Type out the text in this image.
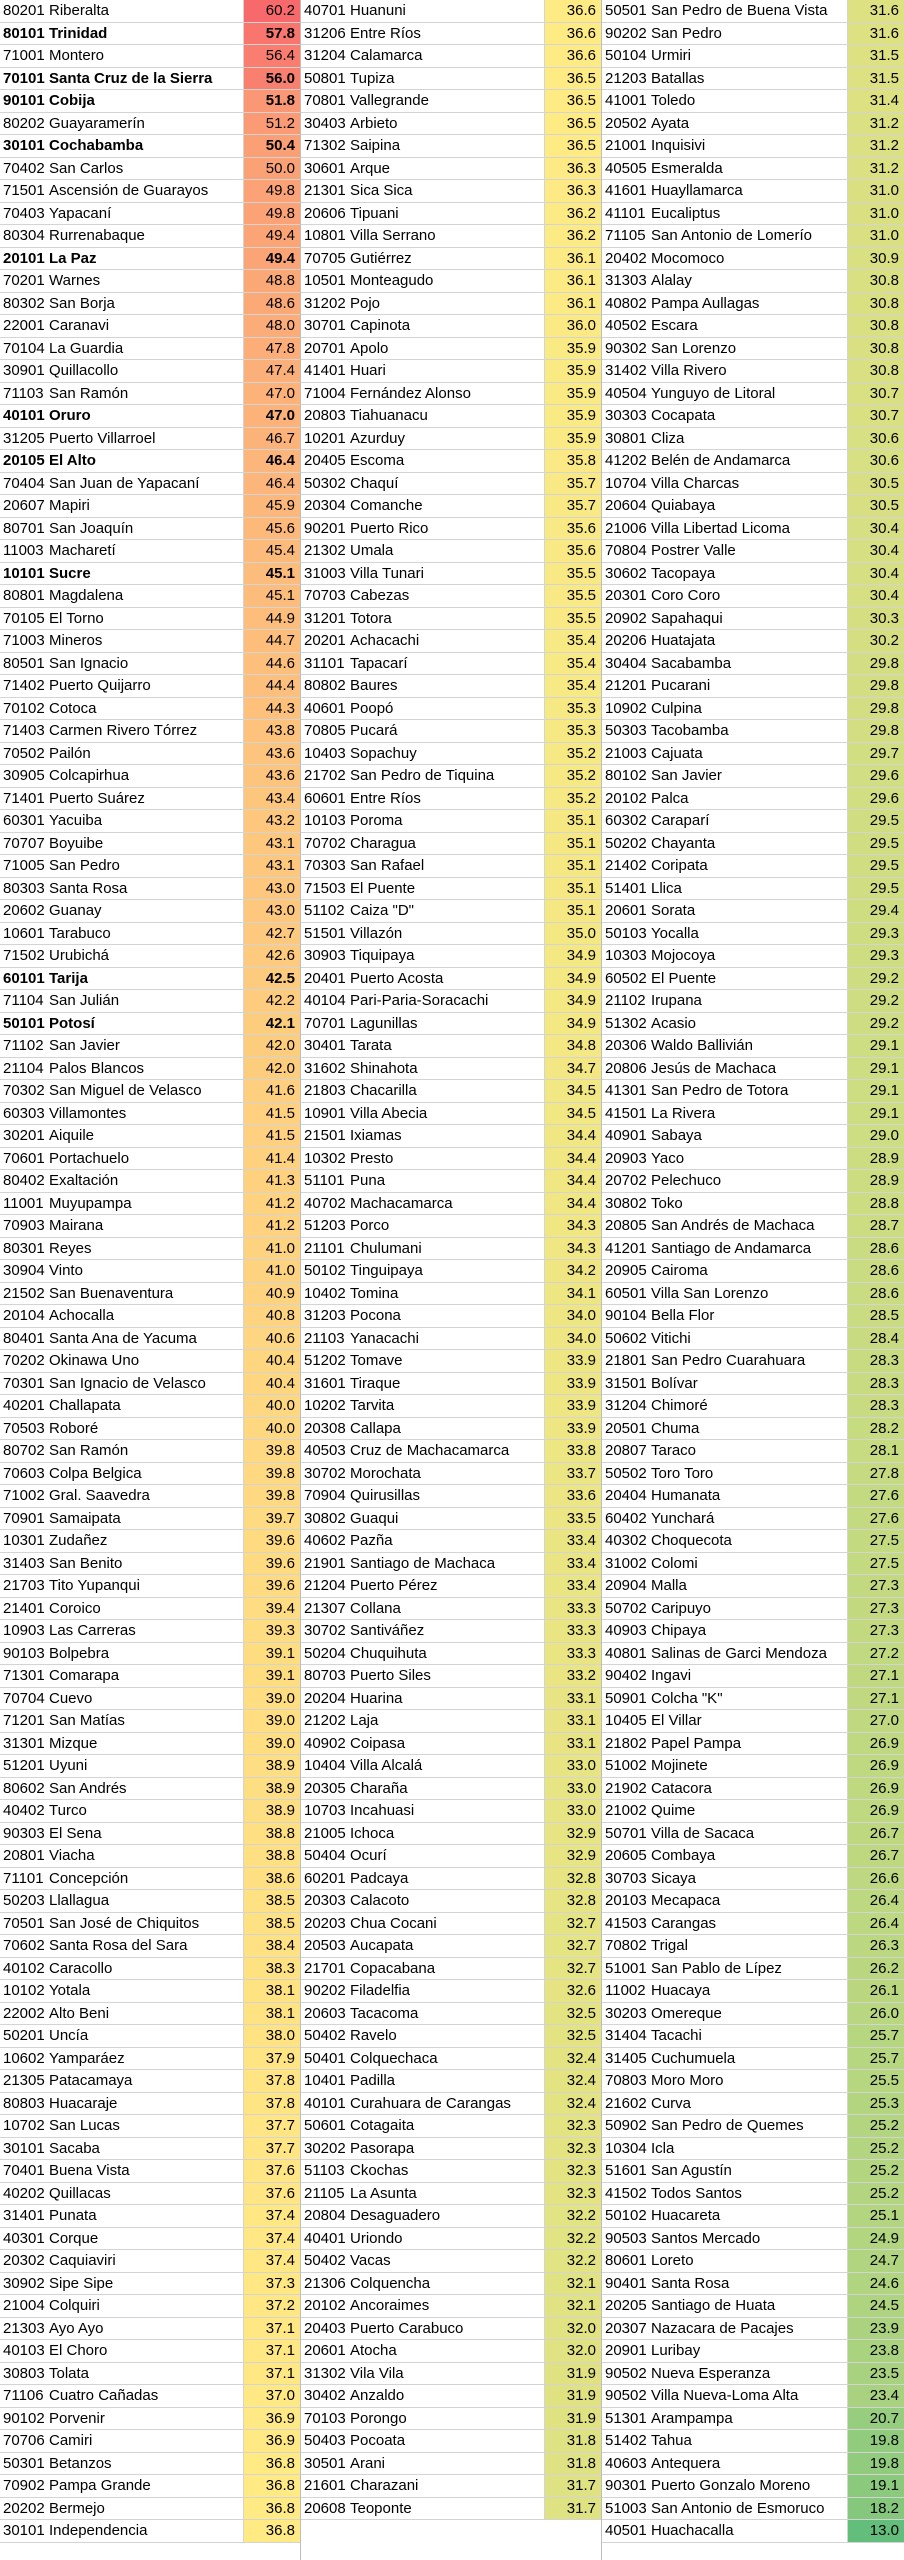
80201 Riberalta	60.2
80101 Trinidad	57.8
71001 Montero	56.4
70101 Santa Cruz de la Sierra	56.0
90101 Cobija	51.8
80202 Guayaramerín	51.2
30101 Cochabamba	50.4
70402 San Carlos	50.0
71501 Ascensión de Guarayos	49.8
70403 Yapacaní	49.8
80304 Rurrenabaque	49.4
20101 La Paz	49.4
70201 Warnes	48.8
80302 San Borja	48.6
22001 Caranavi	48.0
70104 La Guardia	47.8
30901 Quillacollo	47.4
71103 San Ramón	47.0
40101 Oruro	47.0
31205 Puerto Villarroel	46.7
20105 El Alto	46.4
70404 San Juan de Yapacaní	46.4
20607 Mapiri	45.9
80701 San Joaquín	45.6
11003 Macharetí	45.4
10101 Sucre	45.1
80801 Magdalena	45.1
70105 El Torno	44.9
71003 Mineros	44.7
80501 San Ignacio	44.6
71402 Puerto Quijarro	44.4
70102 Cotoca	44.3
71403 Carmen Rivero Tórrez	43.8
70502 Pailón	43.6
30905 Colcapirhua	43.6
71401 Puerto Suárez	43.4
60301 Yacuiba	43.2
70707 Boyuibe	43.1
71005 San Pedro	43.1
80303 Santa Rosa	43.0
20602 Guanay	43.0
10601 Tarabuco	42.7
71502 Urubichá	42.6
60101 Tarija	42.5
71104 San Julián	42.2
50101 Potosí	42.1
71102 San Javier	42.0
21104 Palos Blancos	42.0
70302 San Miguel de Velasco	41.6
60303 Villamontes	41.5
30201 Aiquile	41.5
70601 Portachuelo	41.4
80402 Exaltación	41.3
11001 Muyupampa	41.2
70903 Mairana	41.2
80301 Reyes	41.0
30904 Vinto	41.0
21502 San Buenaventura	40.9
20104 Achocalla	40.8
80401 Santa Ana de Yacuma	40.6
70202 Okinawa Uno	40.4
70301 San Ignacio de Velasco	40.4
40201 Challapata	40.0
70503 Roboré	40.0
80702 San Ramón	39.8
70603 Colpa Belgica	39.8
71002 Gral. Saavedra	39.8
70901 Samaipata	39.7
10301 Zudañez	39.6
31403 San Benito	39.6
21703 Tito Yupanqui	39.6
21401 Coroico	39.4
10903 Las Carreras	39.3
90103 Bolpebra	39.1
71301 Comarapa	39.1
70704 Cuevo	39.0
71201 San Matías	39.0
31301 Mizque	39.0
51201 Uyuni	38.9
80602 San Andrés	38.9
40402 Turco	38.9
90303 El Sena	38.8
20801 Viacha	38.8
71101 Concepción	38.6
50203 Llallagua	38.5
70501 San José de Chiquitos	38.5
70602 Santa Rosa del Sara	38.4
40102 Caracollo	38.3
10102 Yotala	38.1
22002 Alto Beni	38.1
50201 Uncía	38.0
10602 Yamparáez	37.9
21305 Patacamaya	37.8
80803 Huacaraje	37.8
10702 San Lucas	37.7
30101 Sacaba	37.7
70401 Buena Vista	37.6
40202 Quillacas	37.6
31401 Punata	37.4
40301 Corque	37.4
20302 Caquiaviri	37.4
30902 Sipe Sipe	37.3
21004 Colquiri	37.2
21303 Ayo Ayo	37.1
40103 El Choro	37.1
30803 Tolata	37.1
71106 Cuatro Cañadas	37.0
90102 Porvenir	36.9
70706 Camiri	36.9
50301 Betanzos	36.8
70902 Pampa Grande	36.8
20202 Bermejo	36.8
30101 Independencia	36.8
40701 Huanuni	36.6
31206 Entre Ríos	36.6
31204 Calamarca	36.6
50801 Tupiza	36.5
70801 Vallegrande	36.5
30403 Arbieto	36.5
71302 Saipina	36.5
30601 Arque	36.3
21301 Sica Sica	36.3
20606 Tipuani	36.2
10801 Villa Serrano	36.2
70705 Gutiérrez	36.1
10501 Monteagudo	36.1
31202 Pojo	36.1
30701 Capinota	36.0
20701 Apolo	35.9
41401 Huari	35.9
71004 Fernández Alonso	35.9
20803 Tiahuanacu	35.9
10201 Azurduy	35.9
20405 Escoma	35.8
50302 Chaquí	35.7
20304 Comanche	35.7
90201 Puerto Rico	35.6
21302 Umala	35.6
31003 Villa Tunari	35.5
70703 Cabezas	35.5
31201 Totora	35.5
20201 Achacachi	35.4
31101 Tapacarí	35.4
80802 Baures	35.4
40601 Poopó	35.3
70805 Pucará	35.3
10403 Sopachuy	35.2
21702 San Pedro de Tiquina	35.2
60601 Entre Ríos	35.2
10103 Poroma	35.1
70702 Charagua	35.1
70303 San Rafael	35.1
71503 El Puente	35.1
51102 Caiza "D"	35.1
51501 Villazón	35.0
30903 Tiquipaya	34.9
20401 Puerto Acosta	34.9
40104 Pari-Paria-Soracachi	34.9
70701 Lagunillas	34.9
30401 Tarata	34.8
31602 Shinahota	34.7
21803 Chacarilla	34.5
10901 Villa Abecia	34.5
21501 Ixiamas	34.4
10302 Presto	34.4
51101 Puna	34.4
40702 Machacamarca	34.4
51203 Porco	34.3
21101 Chulumani	34.3
50102 Tinguipaya	34.2
10402 Tomina	34.1
31203 Pocona	34.0
21103 Yanacachi	34.0
51202 Tomave	33.9
31601 Tiraque	33.9
10202 Tarvita	33.9
20308 Callapa	33.9
40503 Cruz de Machacamarca	33.8
30702 Morochata	33.7
70904 Quirusillas	33.6
30802 Guaqui	33.5
40602 Pazña	33.4
21901 Santiago de Machaca	33.4
21204 Puerto Pérez	33.4
21307 Collana	33.3
30702 Santiváñez	33.3
50204 Chuquihuta	33.3
80703 Puerto Siles	33.2
20204 Huarina	33.1
21202 Laja	33.1
40902 Coipasa	33.1
10404 Villa Alcalá	33.0
20305 Charaña	33.0
10703 Incahuasi	33.0
21005 Ichoca	32.9
50404 Ocurí	32.9
60201 Padcaya	32.8
20303 Calacoto	32.8
20203 Chua Cocani	32.7
20503 Aucapata	32.7
21701 Copacabana	32.7
90202 Filadelfia	32.6
20603 Tacacoma	32.5
50402 Ravelo	32.5
50401 Colquechaca	32.4
10401 Padilla	32.4
40101 Curahuara de Carangas	32.4
50601 Cotagaita	32.3
30202 Pasorapa	32.3
51103 Ckochas	32.3
21105 La Asunta	32.3
20804 Desaguadero	32.2
40401 Uriondo	32.2
50402 Vacas	32.2
21306 Colquencha	32.1
20102 Ancoraimes	32.1
20403 Puerto Carabuco	32.0
20601 Atocha	32.0
31302 Vila Vila	31.9
30402 Anzaldo	31.9
70103 Porongo	31.9
50403 Pocoata	31.8
30501 Arani	31.8
21601 Charazani	31.7
20608 Teoponte	31.7
50501 San Pedro de Buena Vista	31.6
90202 San Pedro	31.6
50104 Urmiri	31.5
21203 Batallas	31.5
41001 Toledo	31.4
20502 Ayata	31.2
21001 Inquisivi	31.2
40505 Esmeralda	31.2
41601 Huayllamarca	31.0
41101 Eucaliptus	31.0
71105 San Antonio de Lomerío	31.0
20402 Mocomoco	30.9
31303 Alalay	30.8
40802 Pampa Aullagas	30.8
40502 Escara	30.8
90302 San Lorenzo	30.8
31402 Villa Rivero	30.8
40504 Yunguyo de Litoral	30.7
30303 Cocapata	30.7
30801 Cliza	30.6
41202 Belén de Andamarca	30.6
10704 Villa Charcas	30.5
20604 Quiabaya	30.5
21006 Villa Libertad Licoma	30.4
70804 Postrer Valle	30.4
30602 Tacopaya	30.4
20301 Coro Coro	30.4
20902 Sapahaqui	30.3
20206 Huatajata	30.2
30404 Sacabamba	29.8
21201 Pucarani	29.8
10902 Culpina	29.8
50303 Tacobamba	29.8
21003 Cajuata	29.7
80102 San Javier	29.6
20102 Palca	29.6
60302 Caraparí	29.5
50202 Chayanta	29.5
21402 Coripata	29.5
51401 Llica	29.5
20601 Sorata	29.4
50103 Yocalla	29.3
10303 Mojocoya	29.3
60502 El Puente	29.2
21102 Irupana	29.2
51302 Acasio	29.2
20306 Waldo Ballivián	29.1
20806 Jesús de Machaca	29.1
41301 San Pedro de Totora	29.1
41501 La Rivera	29.1
40901 Sabaya	29.0
20903 Yaco	28.9
20702 Pelechuco	28.9
30802 Toko	28.8
20805 San Andrés de Machaca	28.7
41201 Santiago de Andamarca	28.6
20905 Cairoma	28.6
60501 Villa San Lorenzo	28.6
90104 Bella Flor	28.5
50602 Vitichi	28.4
21801 San Pedro Cuarahuara	28.3
31501 Bolívar	28.3
31204 Chimoré	28.3
20501 Chuma	28.2
20807 Taraco	28.1
50502 Toro Toro	27.8
20404 Humanata	27.6
60402 Yunchará	27.6
40302 Choquecota	27.5
31002 Colomi	27.5
20904 Malla	27.3
50702 Caripuyo	27.3
40903 Chipaya	27.3
40801 Salinas de Garci Mendoza	27.2
90402 Ingavi	27.1
50901 Colcha "K"	27.1
10405 El Villar	27.0
21802 Papel Pampa	26.9
51002 Mojinete	26.9
21902 Catacora	26.9
21002 Quime	26.9
50701 Villa de Sacaca	26.7
20605 Combaya	26.7
30703 Sicaya	26.6
20103 Mecapaca	26.4
41503 Carangas	26.4
70802 Trigal	26.3
51001 San Pablo de Lípez	26.2
11002 Huacaya	26.1
30203 Omereque	26.0
31404 Tacachi	25.7
31405 Cuchumuela	25.7
70803 Moro Moro	25.5
21602 Curva	25.3
50902 San Pedro de Quemes	25.2
10304 Icla	25.2
51601 San Agustín	25.2
41502 Todos Santos	25.2
50102 Huacareta	25.1
90503 Santos Mercado	24.9
80601 Loreto	24.7
90401 Santa Rosa	24.6
20205 Santiago de Huata	24.5
20307 Nazacara de Pacajes	23.9
20901 Luribay	23.8
90502 Nueva Esperanza	23.5
90502 Villa Nueva-Loma Alta	23.4
51301 Arampampa	20.7
51402 Tahua	19.8
40603 Antequera	19.8
90301 Puerto Gonzalo Moreno	19.1
51003 San Antonio de Esmoruco	18.2
40501 Huachacalla	13.0
